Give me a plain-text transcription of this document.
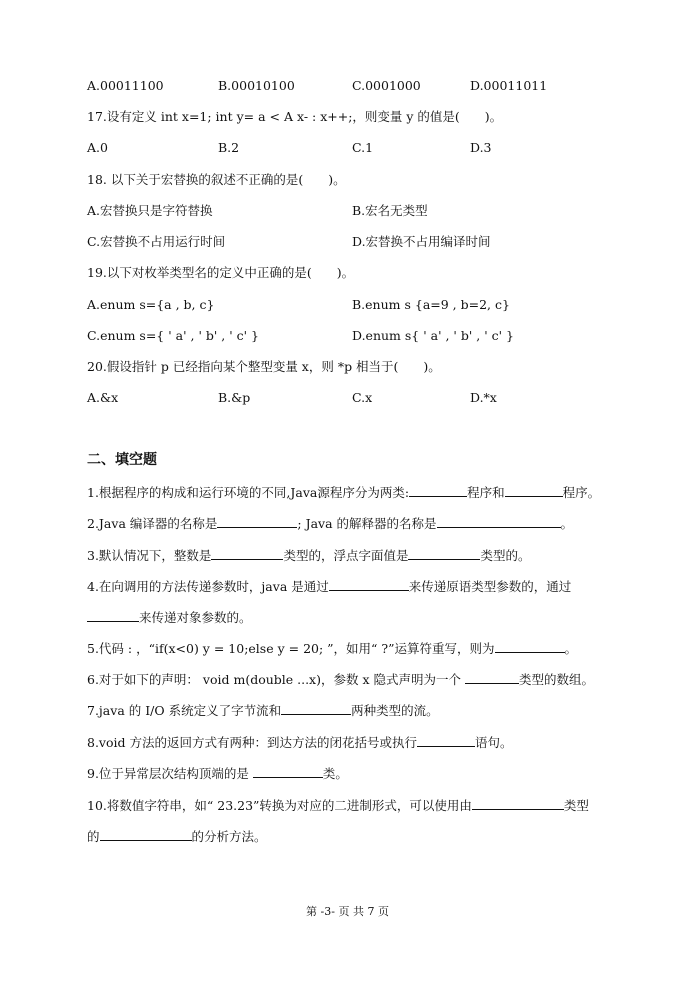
A.00011100	B.00010100	C.0001000	D.00011011
17.设有定义 int x=1; int y= a < A x- : x++;，则变量 y 的值是(　　)。
A.0	B.2	C.1	D.3
18. 以下关于宏替换的叙述不正确的是(　　)。
A.宏替换只是字符替换	B.宏名无类型
C.宏替换不占用运行时间	D.宏替换不占用编译时间
19.以下对枚举类型名的定义中正确的是(　　)。
A.enum s={a , b, c}	B.enum s {a=9 , b=2, c}
C.enum s={ ' a' , ' b' , ' c' }	D.enum s{ ' a' , ' b' , ' c' }
20.假设指针 p 已经指向某个整型变量 x，则 *p 相当于(　　)。
A.&x	B.&p	C.x	D.*x
二、填空题
1.根据程序的构成和运行环境的不同,Java源程序分为两类:	程序和	程序。
2.Java 编译器的名称是	; Java 的解释器的名称是	。
3.默认情况下，整数是	类型的，浮点字面值是	类型的。
4.在向调用的方法传递参数时，java 是通过	来传递原语类型参数的，通过
来传递对象参数的。
5.代码 : ，“if(x<0) y = 10;else y = 20; ”，如用“ ?”运算符重写，则为	。
6.对于如下的声明： void m(double ...x)，参数 x 隐式声明为一个	类型的数组。
7.java 的 I/O 系统定义了字节流和	两种类型的流。
8.void 方法的返回方式有两种：到达方法的闭花括号或执行	语句。
9.位于异常层次结构顶端的是	类。
10.将数值字符串，如“ 23.23”转换为对应的二进制形式，可以使用由	类型
的	的分析方法。
第 -3- 页 共 7 页
